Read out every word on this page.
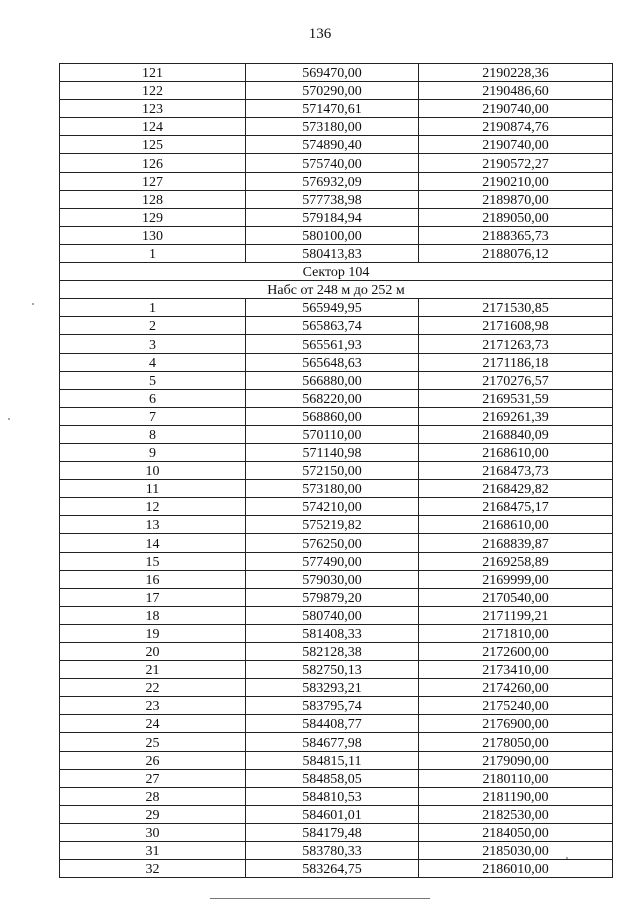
136
121	569470,00	2190228,36
122	570290,00	2190486,60
123	571470,61	2190740,00
124	573180,00	2190874,76
125	574890,40	2190740,00
126	575740,00	2190572,27
127	576932,09	2190210,00
128	577738,98	2189870,00
129	579184,94	2189050,00
130	580100,00	2188365,73
1	580413,83	2188076,12
Сектор 104		
Набс от 248 м до 252 м		
1	565949,95	2171530,85
2	565863,74	2171608,98
3	565561,93	2171263,73
4	565648,63	2171186,18
5	566880,00	2170276,57
6	568220,00	2169531,59
7	568860,00	2169261,39
8	570110,00	2168840,09
9	571140,98	2168610,00
10	572150,00	2168473,73
11	573180,00	2168429,82
12	574210,00	2168475,17
13	575219,82	2168610,00
14	576250,00	2168839,87
15	577490,00	2169258,89
16	579030,00	2169999,00
17	579879,20	2170540,00
18	580740,00	2171199,21
19	581408,33	2171810,00
20	582128,38	2172600,00
21	582750,13	2173410,00
22	583293,21	2174260,00
23	583795,74	2175240,00
24	584408,77	2176900,00
25	584677,98	2178050,00
26	584815,11	2179090,00
27	584858,05	2180110,00
28	584810,53	2181190,00
29	584601,01	2182530,00
30	584179,48	2184050,00
31	583780,33	2185030,00
32	583264,75	2186010,00
